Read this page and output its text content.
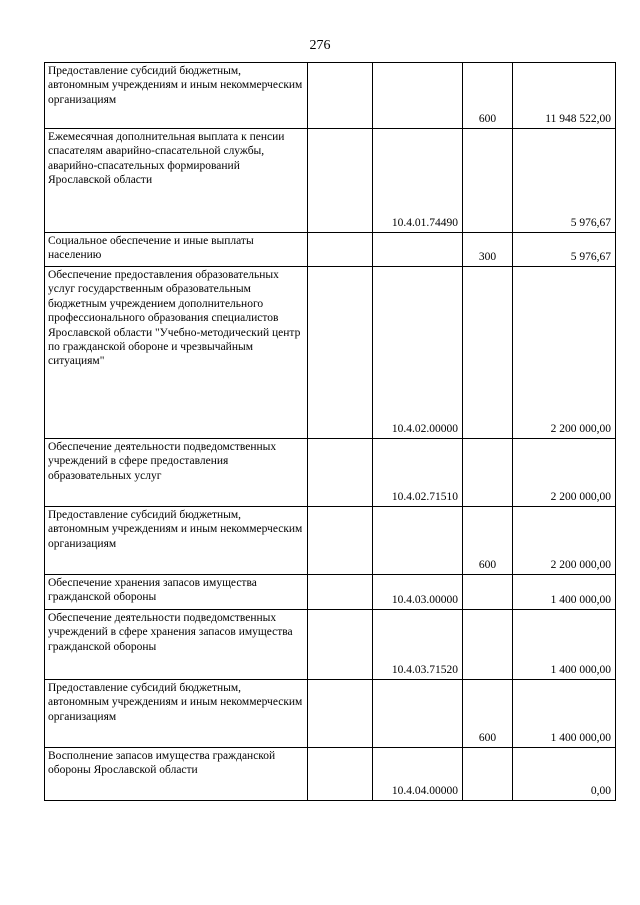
276
Предоставление субсидий бюджетным, автономным учреждениям и иным некоммерческим организациям			600	11 948 522,00
Ежемесячная дополнительная выплата к пенсии спасателям аварийно-спасательной службы, аварийно-спасательных формирований Ярославской области		10.4.01.74490		5 976,67
Социальное обеспечение и иные выплаты населению			300	5 976,67
Обеспечение предоставления образовательных услуг государственным образовательным бюджетным учреждением дополнительного профессионального образования специалистов Ярославской области "Учебно-методический центр по гражданской обороне и чрезвычайным ситуациям"		10.4.02.00000		2 200 000,00
Обеспечение деятельности подведомственных учреждений в сфере предоставления образовательных услуг		10.4.02.71510		2 200 000,00
Предоставление субсидий бюджетным, автономным учреждениям и иным некоммерческим организациям			600	2 200 000,00
Обеспечение хранения запасов имущества гражданской обороны		10.4.03.00000		1 400 000,00
Обеспечение деятельности подведомственных учреждений в сфере хранения запасов имущества гражданской обороны		10.4.03.71520		1 400 000,00
Предоставление субсидий бюджетным, автономным учреждениям и иным некоммерческим организациям			600	1 400 000,00
Восполнение запасов имущества гражданской обороны Ярославской области		10.4.04.00000		0,00
